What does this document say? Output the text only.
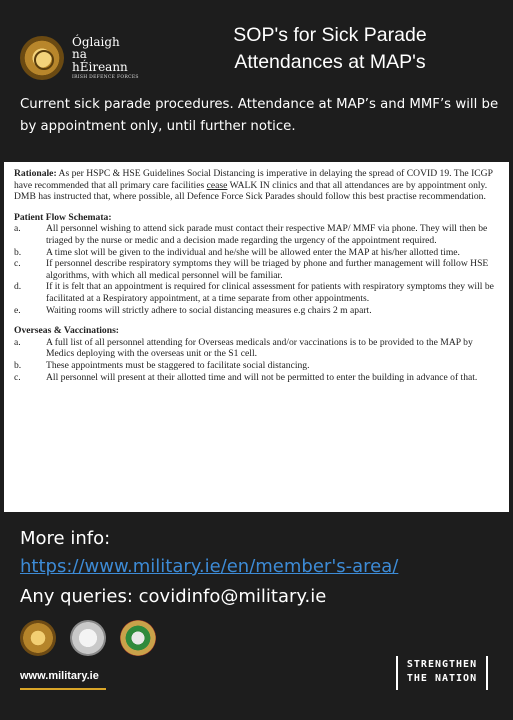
Óglaigh
na hÉireann
IRISH DEFENCE FORCES
SOP's for Sick Parade
Attendances at MAP's
Current sick parade procedures. Attendance at MAP’s and MMF’s will be by appointment only, until further notice.

Rationale: As per HSPC & HSE Guidelines Social Distancing is imperative in delaying the spread of COVID 19. The ICGP have recommended that all primary care facilities cease WALK IN clinics and that all attendances are by appointment only. DMB has instructed that, where possible, all Defence Force Sick Parades should follow this best practise recommendation.

Patient Flow Schemata:

a.	All personnel wishing to attend sick parade must contact their respective MAP/ MMF via phone. They will then be triaged by the nurse or medic and a decision made regarding the urgency of the appointment required.
b.	A time slot will be given to the individual and he/she will be allowed enter the MAP at his/her allotted time.
c.	If personnel describe respiratory symptoms they will be triaged by phone and further management will follow HSE algorithms, with which all medical personnel will be familiar.
d.	If it is felt that an appointment is required for clinical assessment for patients with respiratory symptoms they will be facilitated at a Respiratory appointment, at a time separate from other appointments.
e.	Waiting rooms will strictly adhere to social distancing measures e.g chairs 2 m apart.

Overseas & Vaccinations:

a.	A full list of all personnel attending for Overseas medicals and/or vaccinations is to be provided to the MAP by Medics deploying with the overseas unit or the S1 cell.
b.	These appointments must be staggered to facilitate social distancing.
c.	All personnel will present at their allotted time and will not be permitted to enter the building in advance of that.
More info:
https://www.military.ie/en/member's-area/
Any queries: covidinfo@military.ie
www.military.ie
STRENGTHEN
THE NATION
